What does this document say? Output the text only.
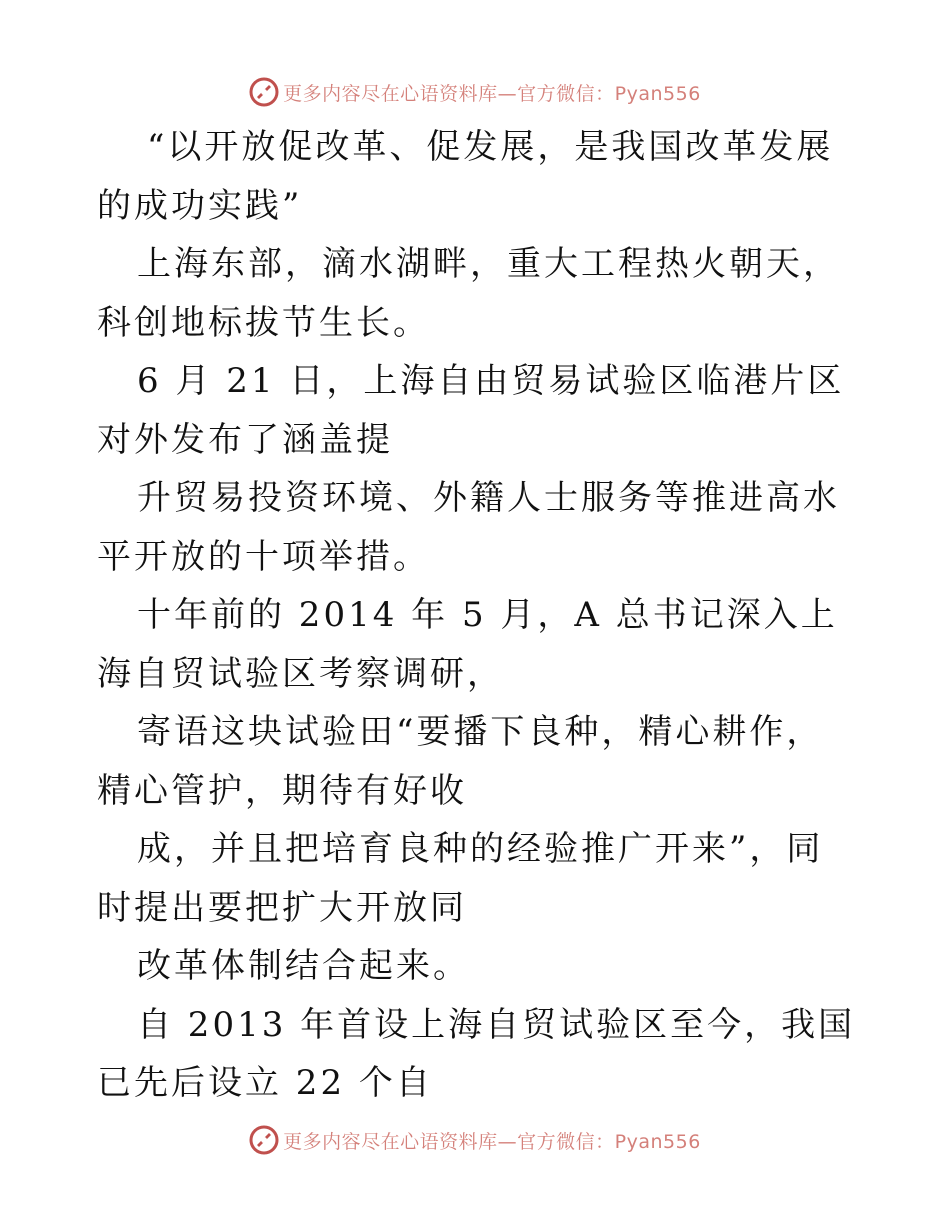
更多内容尽在心语资料库—官方微信：Pyan556

“以开放促改革、促发展，是我国改革发展的成功实践”

上海东部，滴水湖畔，重大工程热火朝天，科创地标拔节生长。

6 月 21 日，上海自由贸易试验区临港片区对外发布了涵盖提

升贸易投资环境、外籍人士服务等推进高水平开放的十项举措。

十年前的 2014 年 5 月，A 总书记深入上海自贸试验区考察调研，

寄语这块试验田“要播下良种，精心耕作，精心管护，期待有好收

成，并且把培育良种的经验推广开来”，同时提出要把扩大开放同

改革体制结合起来。

自 2013 年首设上海自贸试验区至今，我国已先后设立 22 个自

更多内容尽在心语资料库—官方微信：Pyan556
